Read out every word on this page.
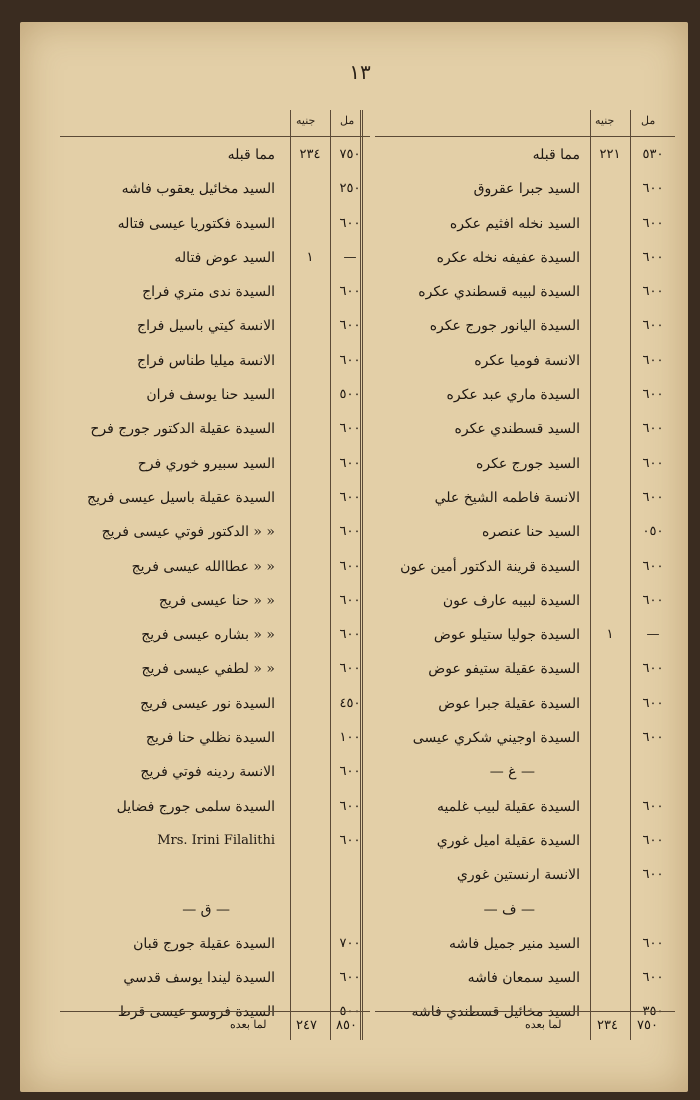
١٣
مل
جنيه
٥٣٠
٢٢١
مما قبله
٦٠٠
السيد جبرا عقروق
٦٠٠
السيد نخله افثيم عكره
٦٠٠
السيدة عفيفه نخله عكره
٦٠٠
السيدة لبيبه قسطندي عكره
٦٠٠
السيدة اليانور جورج عكره
٦٠٠
الانسة فوميا عكره
٦٠٠
السيدة ماري عبد عكره
٦٠٠
السيد قسطندي عكره
٦٠٠
السيد جورج عكره
٦٠٠
الانسة فاطمه الشيخ علي
٠٥٠
السيد حنا عنصره
٦٠٠
السيدة قرينة الدكتور أمين عون
٦٠٠
السيدة لبيبه عارف عون
—
١
السيدة جوليا ستيلو عوض
٦٠٠
السيدة عقيلة ستيفو عوض
٦٠٠
السيدة عقيلة جبرا عوض
٦٠٠
السيدة اوجيني شكري عيسى
— غ —
٦٠٠
السيدة عقيلة لبيب غلميه
٦٠٠
السيدة عقيلة اميل غوري
٦٠٠
الانسة ارنستين غوري
— ف —
٦٠٠
السيد منير جميل فاشه
٦٠٠
السيد سمعان فاشه
٣٥٠
السيد مخائيل قسطندي فاشه
٧٥٠
٢٣٤
لما بعده
مل
جنيه
٧٥٠
٢٣٤
مما قبله
٢٥٠
السيد مخائيل يعقوب فاشه
٦٠٠
السيدة فكتوريا عيسى فتاله
—
١
السيد عوض فتاله
٦٠٠
السيدة ندى متري فراج
٦٠٠
الانسة كيتي باسيل فراج
٦٠٠
الانسة ميليا طناس فراج
٥٠٠
السيد حنا يوسف فران
٦٠٠
السيدة عقيلة الدكتور جورج فرح
٦٠٠
السيد سبيرو خوري فرح
٦٠٠
السيدة عقيلة باسيل عيسى فريج
٦٠٠
« « الدكتور فوتي عيسى فريج
٦٠٠
« « عطاالله عيسى فريج
٦٠٠
« « حنا عيسى فريج
٦٠٠
« « بشاره عيسى فريج
٦٠٠
« « لطفي عيسى فريج
٤٥٠
السيدة نور عيسى فريج
١٠٠
السيدة نظلي حنا فريج
٦٠٠
الانسة ردينه فوتي فريج
٦٠٠
السيدة سلمى جورج فضايل
٦٠٠
Mrs. Irini Filalithi
— ق —
٧٠٠
السيدة عقيلة جورج قبان
٦٠٠
السيدة ليندا يوسف قدسي
٥٠٠
السيدة فروسو عيسى قرط
٨٥٠
٢٤٧
لما بعده
